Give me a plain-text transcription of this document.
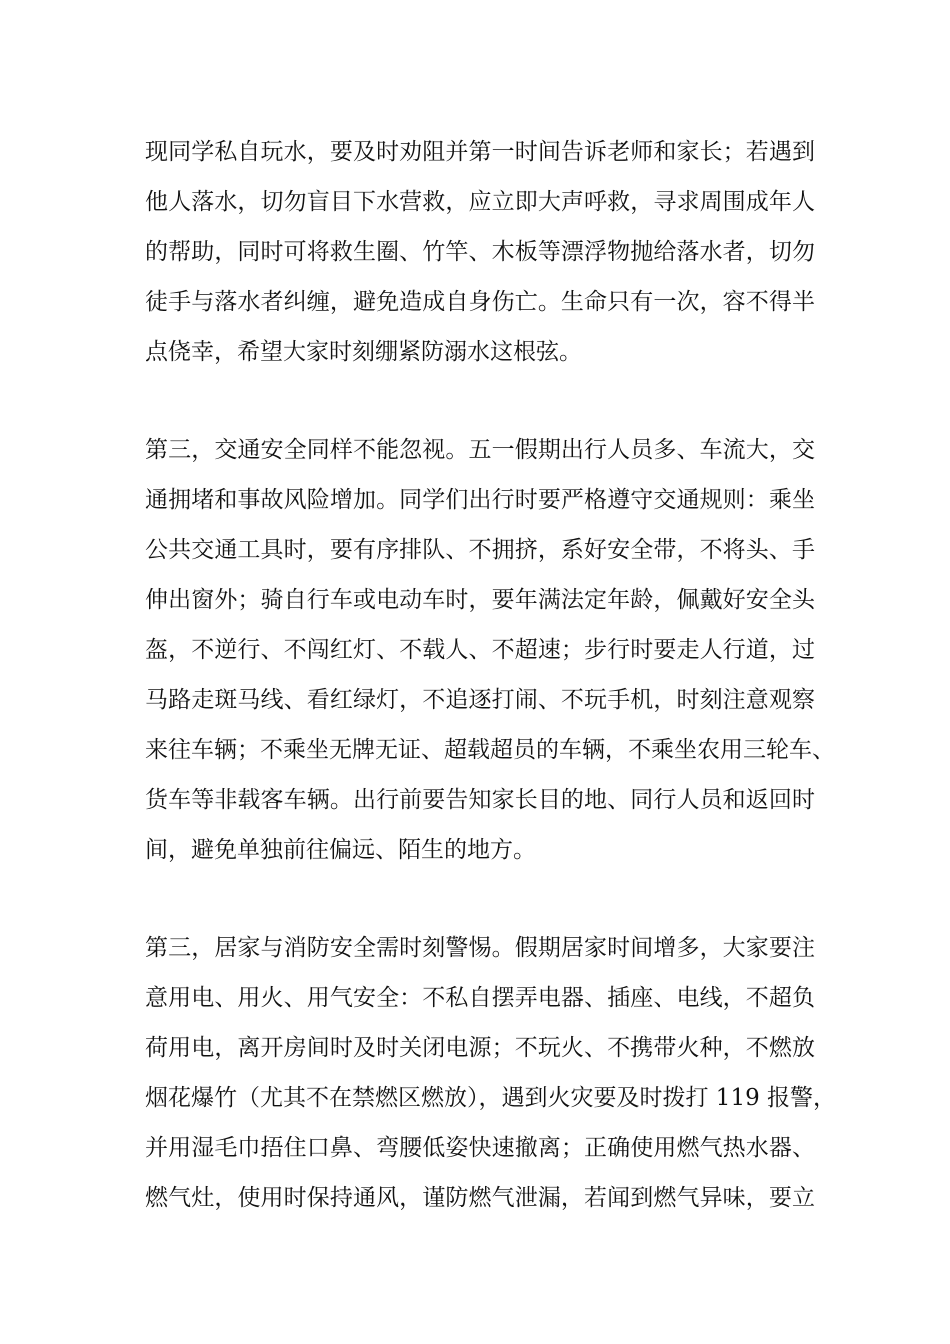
现同学私自玩水，要及时劝阻并第一时间告诉老师和家长；若遇到
他人落水，切勿盲目下水营救，应立即大声呼救，寻求周围成年人
的帮助，同时可将救生圈、竹竿、木板等漂浮物抛给落水者，切勿
徒手与落水者纠缠，避免造成自身伤亡。生命只有一次，容不得半
点侥幸，希望大家时刻绷紧防溺水这根弦。
第三，交通安全同样不能忽视。五一假期出行人员多、车流大，交
通拥堵和事故风险增加。同学们出行时要严格遵守交通规则：乘坐
公共交通工具时，要有序排队、不拥挤，系好安全带，不将头、手
伸出窗外；骑自行车或电动车时，要年满法定年龄，佩戴好安全头
盔，不逆行、不闯红灯、不载人、不超速；步行时要走人行道，过
马路走斑马线、看红绿灯，不追逐打闹、不玩手机，时刻注意观察
来往车辆；不乘坐无牌无证、超载超员的车辆，不乘坐农用三轮车、
货车等非载客车辆。出行前要告知家长目的地、同行人员和返回时
间，避免单独前往偏远、陌生的地方。
第三，居家与消防安全需时刻警惕。假期居家时间增多，大家要注
意用电、用火、用气安全：不私自摆弄电器、插座、电线，不超负
荷用电，离开房间时及时关闭电源；不玩火、不携带火种，不燃放
烟花爆竹（尤其不在禁燃区燃放），遇到火灾要及时拨打 119 报警，
并用湿毛巾捂住口鼻、弯腰低姿快速撤离；正确使用燃气热水器、
燃气灶，使用时保持通风，谨防燃气泄漏，若闻到燃气异味，要立
